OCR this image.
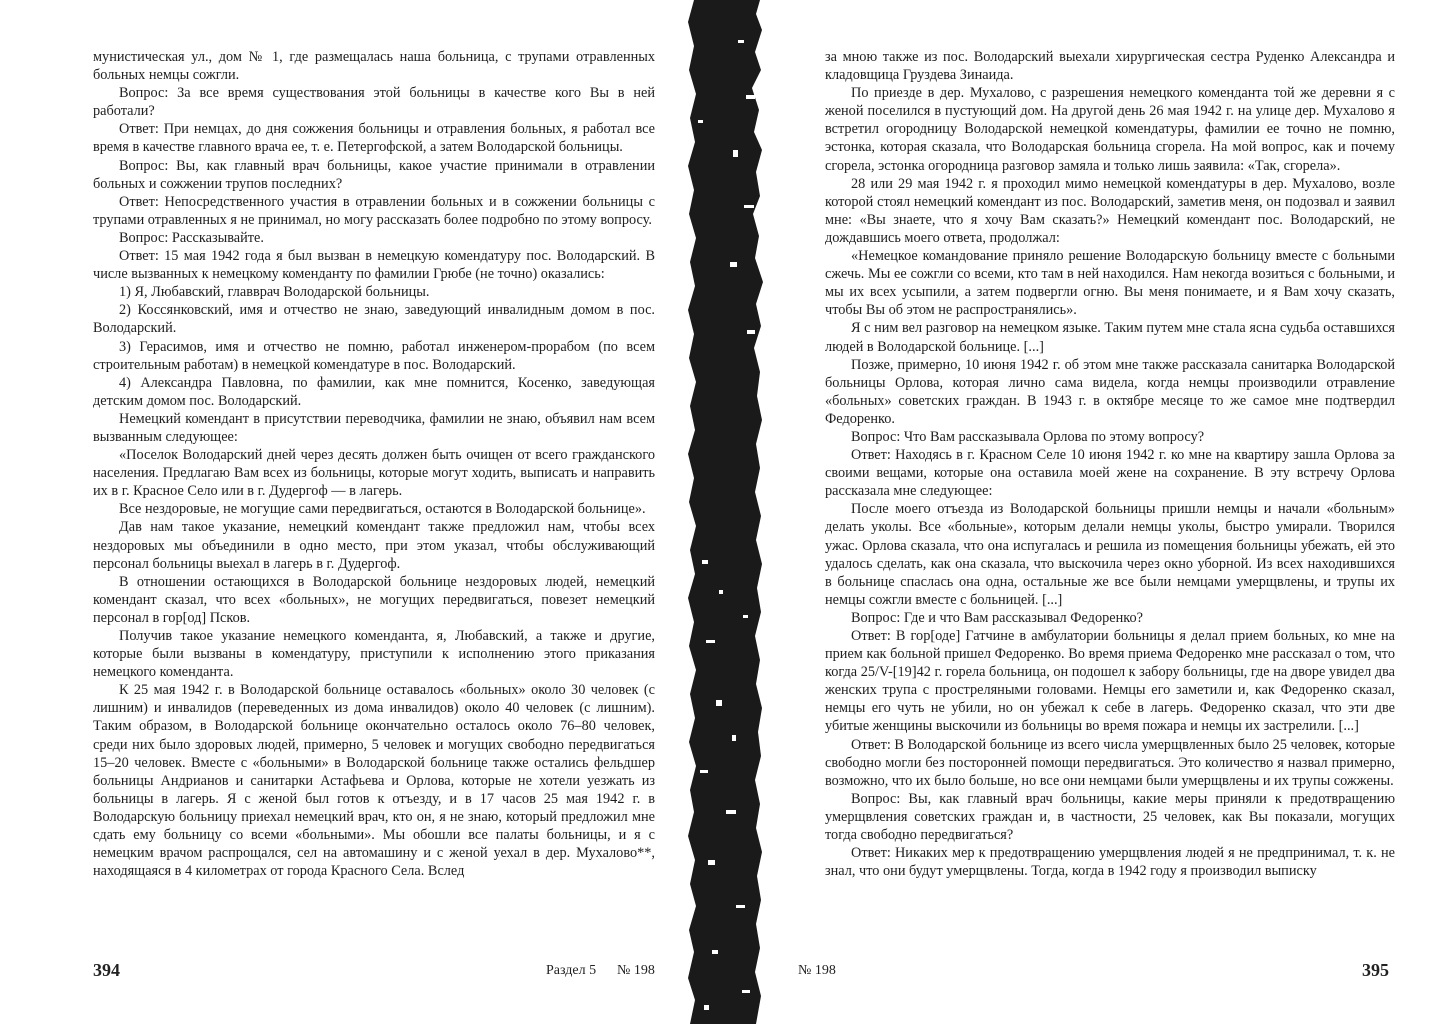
мунистическая ул., дом № 1, где размещалась наша больница, с трупами отравленных больных немцы сожгли.

Вопрос: За все время существования этой больницы в качестве кого Вы в ней работали?

Ответ: При немцах, до дня сожжения больницы и отравления больных, я работал все время в качестве главного врача ее, т. е. Петергофской, а затем Володарской больницы.

Вопрос: Вы, как главный врач больницы, какое участие принимали в отравлении больных и сожжении трупов последних?

Ответ: Непосредственного участия в отравлении больных и в сожжении больницы с трупами отравленных я не принимал, но могу рассказать более подробно по этому вопросу.

Вопрос: Рассказывайте.

Ответ: 15 мая 1942 года я был вызван в немецкую комендатуру пос. Володарский. В числе вызванных к немецкому коменданту по фамилии Грюбе (не точно) оказались:

1) Я, Любавский, главврач Володарской больницы.

2) Коссянковский, имя и отчество не знаю, заведующий инвалидным домом в пос. Володарский.

3) Герасимов, имя и отчество не помню, работал инженером-прорабом (по всем строительным работам) в немецкой комендатуре в пос. Володарский.

4) Александра Павловна, по фамилии, как мне помнится, Косенко, заведующая детским домом пос. Володарский.

Немецкий комендант в присутствии переводчика, фамилии не знаю, объявил нам всем вызванным следующее:

«Поселок Володарский дней через десять должен быть очищен от всего гражданского населения. Предлагаю Вам всех из больницы, которые могут ходить, выписать и направить их в г. Красное Село или в г. Дудергоф — в лагерь.

Все нездоровые, не могущие сами передвигаться, остаются в Володарской больнице».

Дав нам такое указание, немецкий комендант также предложил нам, чтобы всех нездоровых мы объединили в одно место, при этом указал, чтобы обслуживающий персонал больницы выехал в лагерь в г. Дудергоф.

В отношении остающихся в Володарской больнице нездоровых людей, немецкий комендант сказал, что всех «больных», не могущих передвигаться, повезет немецкий персонал в гор[од] Псков.

Получив такое указание немецкого коменданта, я, Любавский, а также и другие, которые были вызваны в комендатуру, приступили к исполнению этого приказания немецкого коменданта.

К 25 мая 1942 г. в Володарской больнице оставалось «больных» около 30 человек (с лишним) и инвалидов (переведенных из дома инвалидов) около 40 человек (с лишним). Таким образом, в Володарской больнице окончательно осталось около 76–80 человек, среди них было здоровых людей, примерно, 5 человек и могущих свободно передвигаться 15–20 человек. Вместе с «больными» в Володарской больнице также остались фельдшер больницы Андрианов и санитарки Астафьева и Орлова, которые не хотели уезжать из больницы в лагерь. Я с женой был готов к отъезду, и в 17 часов 25 мая 1942 г. в Володарскую больницу приехал немецкий врач, кто он, я не знаю, который предложил мне сдать ему больницу со всеми «больными». Мы обошли все палаты больницы, и я с немецким врачом распрощался, сел на автомашину и с женой уехал в дер. Мухалово**, находящаяся в 4 километрах от города Красного Села. Вслед

394	Раздел 5 № 198

за мною также из пос. Володарский выехали хирургическая сестра Руденко Александра и кладовщица Груздева Зинаида.

По приезде в дер. Мухалово, с разрешения немецкого коменданта той же деревни я с женой поселился в пустующий дом. На другой день 26 мая 1942 г. на улице дер. Мухалово я встретил огородницу Володарской немецкой комендатуры, фамилии ее точно не помню, эстонка, которая сказала, что Володарская больница сгорела. На мой вопрос, как и почему сгорела, эстонка огородница разговор замяла и только лишь заявила: «Так, сгорела».

28 или 29 мая 1942 г. я проходил мимо немецкой комендатуры в дер. Мухалово, возле которой стоял немецкий комендант из пос. Володарский, заметив меня, он подозвал и заявил мне: «Вы знаете, что я хочу Вам сказать?» Немецкий комендант пос. Володарский, не дождавшись моего ответа, продолжал:

«Немецкое командование приняло решение Володарскую больницу вместе с больными сжечь. Мы ее сожгли со всеми, кто там в ней находился. Нам некогда возиться с больными, и мы их всех усыпили, а затем подвергли огню. Вы меня понимаете, и я Вам хочу сказать, чтобы Вы об этом не распространялись».

Я с ним вел разговор на немецком языке. Таким путем мне стала ясна судьба оставшихся людей в Володарской больнице. [...]

Позже, примерно, 10 июня 1942 г. об этом мне также рассказала санитарка Володарской больницы Орлова, которая лично сама видела, когда немцы производили отравление «больных» советских граждан. В 1943 г. в октябре месяце то же самое мне подтвердил Федоренко.

Вопрос: Что Вам рассказывала Орлова по этому вопросу?

Ответ: Находясь в г. Красном Селе 10 июня 1942 г. ко мне на квартиру зашла Орлова за своими вещами, которые она оставила моей жене на сохранение. В эту встречу Орлова рассказала мне следующее:

После моего отъезда из Володарской больницы пришли немцы и начали «больным» делать уколы. Все «больные», которым делали немцы уколы, быстро умирали. Творился ужас. Орлова сказала, что она испугалась и решила из помещения больницы убежать, ей это удалось сделать, как она сказала, что выскочила через окно уборной. Из всех находившихся в больнице спаслась она одна, остальные же все были немцами умерщвлены, и трупы их немцы сожгли вместе с больницей. [...]

Вопрос: Где и что Вам рассказывал Федоренко?

Ответ: В гор[оде] Гатчине в амбулатории больницы я делал прием больных, ко мне на прием как больной пришел Федоренко. Во время приема Федоренко мне рассказал о том, что когда 25/V-[19]42 г. горела больница, он подошел к забору больницы, где на дворе увидел два женских трупа с простреляными головами. Немцы его заметили и, как Федоренко сказал, немцы его чуть не убили, но он убежал к себе в лагерь. Федоренко сказал, что эти две убитые женщины выскочили из больницы во время пожара и немцы их застрелили. [...]

Ответ: В Володарской больнице из всего числа умерщвленных было 25 человек, которые свободно могли без посторонней помощи передвигаться. Это количество я назвал примерно, возможно, что их было больше, но все они немцами были умерщвлены и их трупы сожжены.

Вопрос: Вы, как главный врач больницы, какие меры приняли к предотвращению умерщвления советских граждан и, в частности, 25 человек, как Вы показали, могущих тогда свободно передвигаться?

Ответ: Никаких мер к предотвращению умерщвления людей я не предпринимал, т. к. не знал, что они будут умерщвлены. Тогда, когда в 1942 году я производил выписку

№ 198	395
